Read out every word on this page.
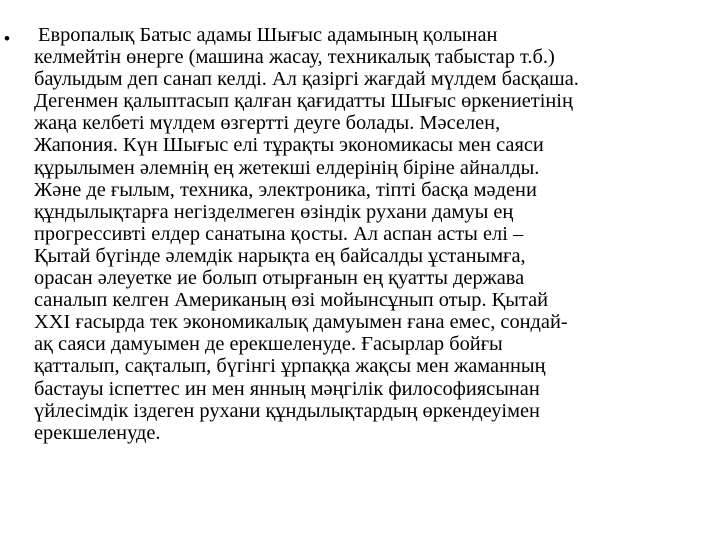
• Европалық Батыс адамы Шығыс адамының қолынан
келмейтін өнерге (машина жасау, техникалық табыстар т.б.)
баулыдым деп санап келді. Ал қазіргі жағдай мүлдем басқаша.
Дегенмен қалыптасып қалған қағидатты Шығыс өркениетінің
жаңа келбеті мүлдем өзгертті деуге болады. Мәселен,
Жапония. Күн Шығыс елі тұрақты экономикасы мен саяси
құрылымен әлемнің ең жетекші елдерінің біріне айналды.
Және де ғылым, техника, электроника, тіпті басқа мәдени
құндылықтарға негізделмеген өзіндік рухани дамуы ең
прогрессивті елдер санатына қосты. Ал аспан асты елі –
Қытай бүгінде әлемдік нарықта ең байсалды ұстанымға,
орасан әлеуетке ие болып отырғанын ең қуатты держава
саналып келген Американың өзі мойынсұнып отыр. Қытай
XXI ғасырда тек экономикалық дамуымен ғана емес, сондай-
ақ саяси дамуымен де ерекшеленуде. Ғасырлар бойғы
қатталып, сақталып, бүгінгі ұрпаққа жақсы мен жаманның
бастауы іспеттес ин мен янның мәңгілік философиясынан
үйлесімдік іздеген рухани құндылықтардың өркендеуімен
ерекшеленуде.
